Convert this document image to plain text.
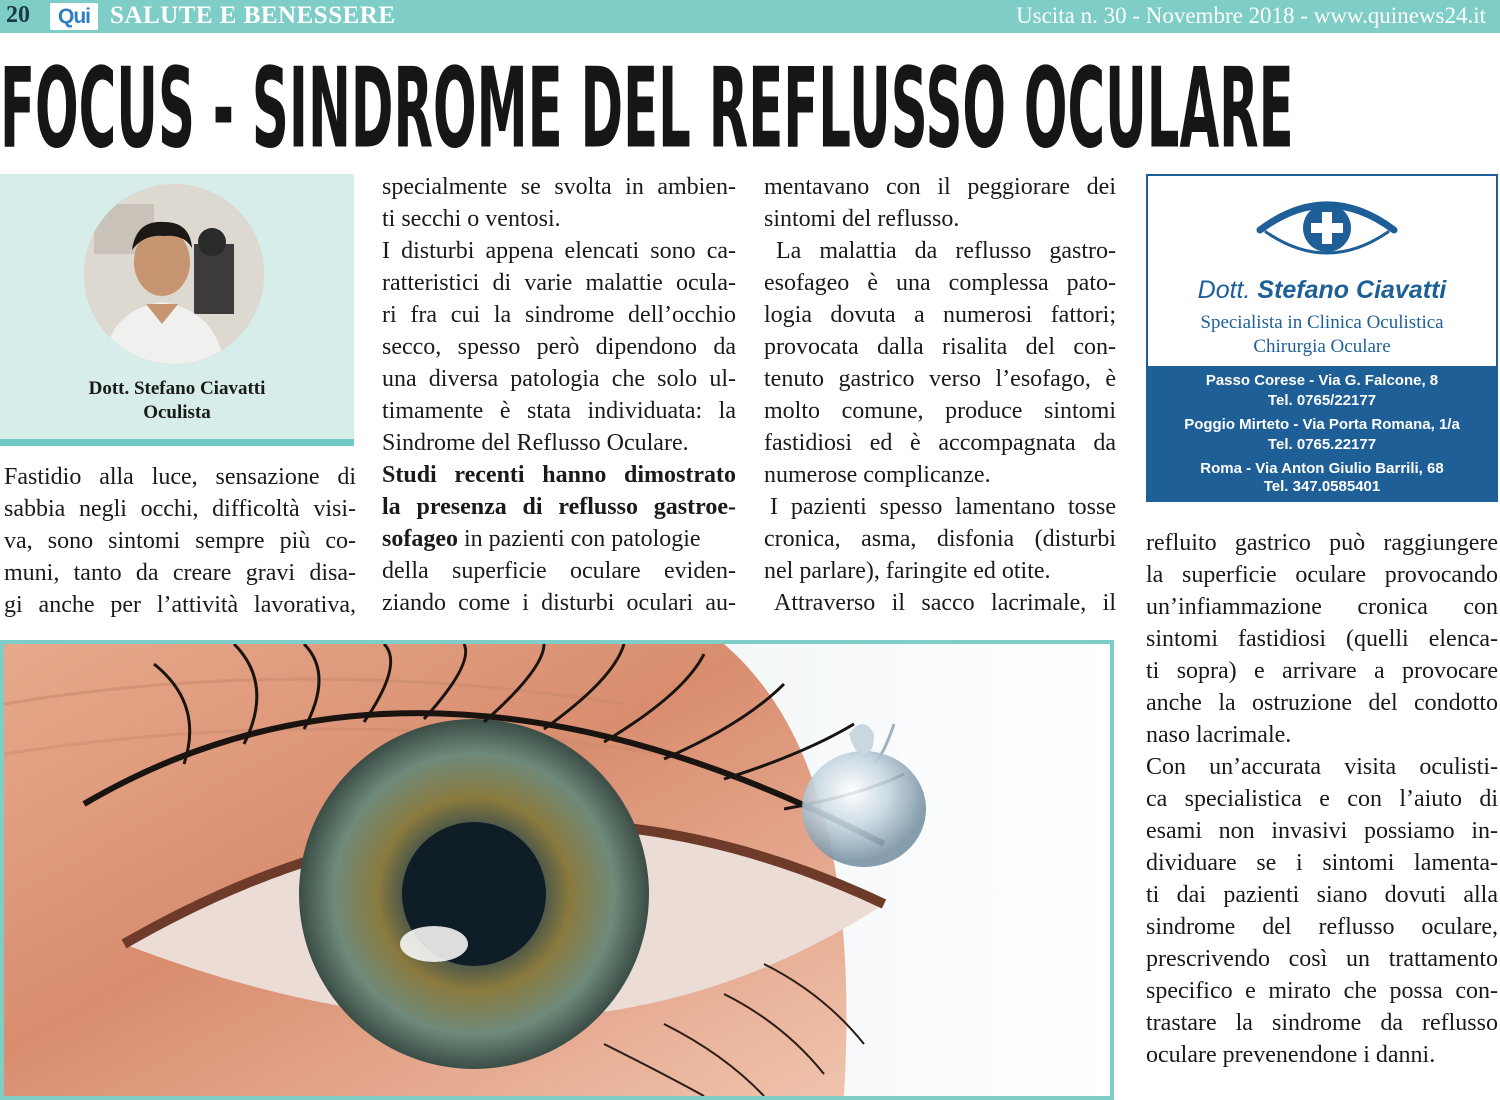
20	Qui SALUTE E BENESSERE	Uscita n. 30 - Novembre 2018 - www.quinews24.it
FOCUS - SINDROME DEL REFLUSSO OCULARE
Dott. Stefano Ciavatti
Oculista
Fastidio alla luce, sensazione di
sabbia negli occhi, difficoltà visi-
va, sono sintomi sempre più co-
muni, tanto da creare gravi disa-
gi anche per l’attività lavorativa,
specialmente se svolta in ambien-
ti secchi o ventosi.
I disturbi appena elencati sono ca-
ratteristici di varie malattie ocula-
ri fra cui la sindrome dell’occhio
secco, spesso però dipendono da
una diversa patologia che solo ul-
timamente è stata individuata: la
Sindrome del Reflusso Oculare.
Studi recenti hanno dimostrato
la presenza di reflusso gastroe-
sofageo in pazienti con patologie
della superficie oculare eviden-
ziando come i disturbi oculari au-
mentavano con il peggiorare dei
sintomi del reflusso.
La malattia da reflusso gastro-
esofageo è una complessa pato-
logia dovuta a numerosi fattori;
provocata dalla risalita del con-
tenuto gastrico verso l’esofago, è
molto comune, produce sintomi
fastidiosi ed è accompagnata da
numerose complicanze.
I pazienti spesso lamentano tosse
cronica, asma, disfonia (disturbi
nel parlare), faringite ed otite.
Attraverso il sacco lacrimale, il
Dott. Stefano Ciavatti
Specialista in Clinica Oculistica
Chirurgia Oculare
Passo Corese - Via G. Falcone, 8
Tel. 0765/22177
Poggio Mirteto - Via Porta Romana, 1/a
Tel. 0765.22177
Roma - Via Anton Giulio Barrili, 68
Tel. 347.0585401
refluito gastrico può raggiungere
la superficie oculare provocando
un’infiammazione cronica con
sintomi fastidiosi (quelli elenca-
ti sopra) e arrivare a provocare
anche la ostruzione del condotto
naso lacrimale.
Con un’accurata visita oculisti-
ca specialistica e con l’aiuto di
esami non invasivi possiamo in-
dividuare se i sintomi lamenta-
ti dai pazienti siano dovuti alla
sindrome del reflusso oculare,
prescrivendo così un trattamento
specifico e mirato che possa con-
trastare la sindrome da reflusso
oculare prevenendone i danni.
